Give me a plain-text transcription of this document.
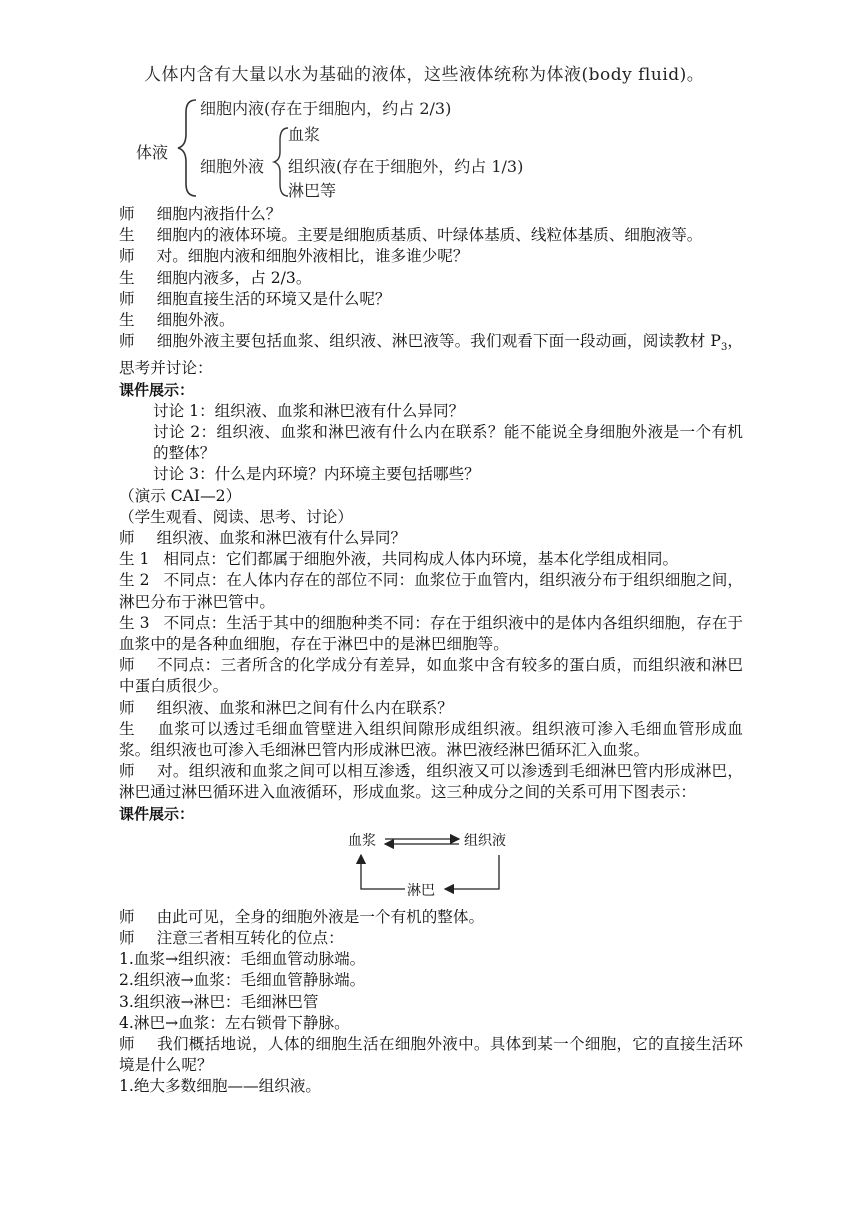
人体内含有大量以水为基础的液体，这些液体统称为体液(body fluid)。
细胞内液(存在于细胞内，约占 2/3)
体液
细胞外液
血浆
组织液(存在于细胞外，约占 1/3)
淋巴等
师 细胞内液指什么？
生 细胞内的液体环境。主要是细胞质基质、叶绿体基质、线粒体基质、细胞液等。
师 对。细胞内液和细胞外液相比，谁多谁少呢？
生 细胞内液多，占 2/3。
师 细胞直接生活的环境又是什么呢？
生 细胞外液。
师 细胞外液主要包括血浆、组织液、淋巴液等。我们观看下面一段动画，阅读教材 $P_3$，思考并讨论：
课件展示：
讨论 1：组织液、血浆和淋巴液有什么异同？
讨论 2：组织液、血浆和淋巴液有什么内在联系？能不能说全身细胞外液是一个有机的整体？
讨论 3：什么是内环境？内环境主要包括哪些？
（演示 CAI—2）
（学生观看、阅读、思考、讨论）
师 组织液、血浆和淋巴液有什么异同？
生 1 相同点：它们都属于细胞外液，共同构成人体内环境，基本化学组成相同。
生 2 不同点：在人体内存在的部位不同：血浆位于血管内，组织液分布于组织细胞之间，淋巴分布于淋巴管中。
生 3 不同点：生活于其中的细胞种类不同：存在于组织液中的是体内各组织细胞，存在于血浆中的是各种血细胞，存在于淋巴中的是淋巴细胞等。
师 不同点：三者所含的化学成分有差异，如血浆中含有较多的蛋白质，而组织液和淋巴中蛋白质很少。
师 组织液、血浆和淋巴之间有什么内在联系？
生 血浆可以透过毛细血管壁进入组织间隙形成组织液。组织液可渗入毛细血管形成血浆。组织液也可渗入毛细淋巴管内形成淋巴液。淋巴液经淋巴循环汇入血浆。
师 对。组织液和血浆之间可以相互渗透，组织液又可以渗透到毛细淋巴管内形成淋巴，淋巴通过淋巴循环进入血液循环，形成血浆。这三种成分之间的关系可用下图表示：
课件展示：
血浆	组织液
淋巴
师 由此可见，全身的细胞外液是一个有机的整体。
师 注意三者相互转化的位点：
1.血浆→组织液：毛细血管动脉端。
2.组织液→血浆：毛细血管静脉端。
3.组织液→淋巴：毛细淋巴管
4.淋巴→血浆：左右锁骨下静脉。
师 我们概括地说，人体的细胞生活在细胞外液中。具体到某一个细胞，它的直接生活环境是什么呢？
1.绝大多数细胞——组织液。
